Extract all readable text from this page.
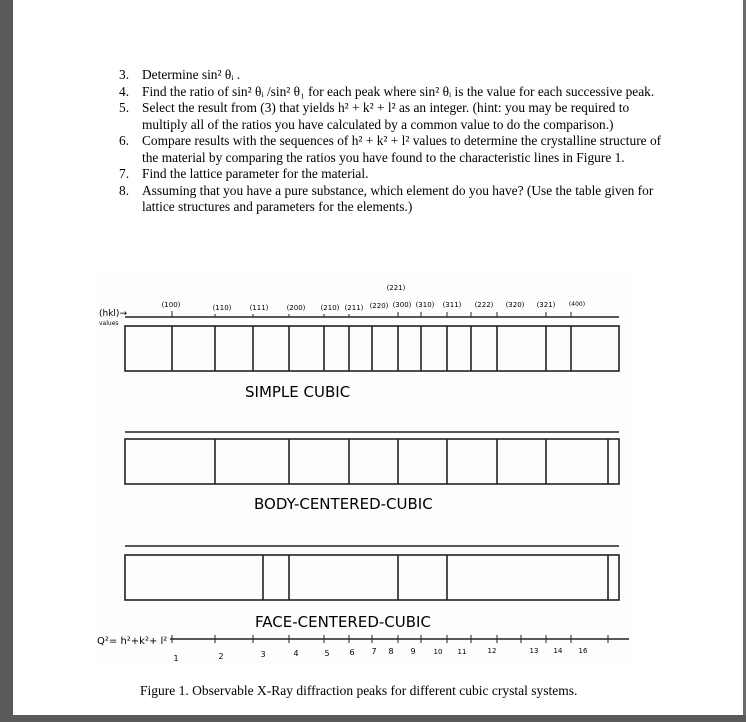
3. Determine sin² θᵢ .
4. Find the ratio of sin² θᵢ /sin² θ₁ for each peak where sin² θᵢ is the value for each successive peak.
5. Select the result from (3) that yields h² + k² + l² as an integer. (hint: you may be required to multiply all of the ratios you have calculated by a common value to do the comparison.)
6. Compare results with the sequences of h² + k² + l² values to determine the crystalline structure of the material by comparing the ratios you have found to the characteristic lines in Figure 1.
7. Find the lattice parameter for the material.
8. Assuming that you have a pure substance, which element do you have? (Use the table given for lattice structures and parameters for the elements.)
(hkl)→
values
(221)
(100)	(110)	(111)	(200) (210) (211) (220) (300) (310) (311) (222) (320) (321) (400)
SIMPLE CUBIC
BODY-CENTERED-CUBIC
FACE-CENTERED-CUBIC
Q²= h²+k²+ l²
1	2	3	4	5 6 7 8 9	10 11	12	13 14 16
Figure 1. Observable X-Ray diffraction peaks for different cubic crystal systems.
